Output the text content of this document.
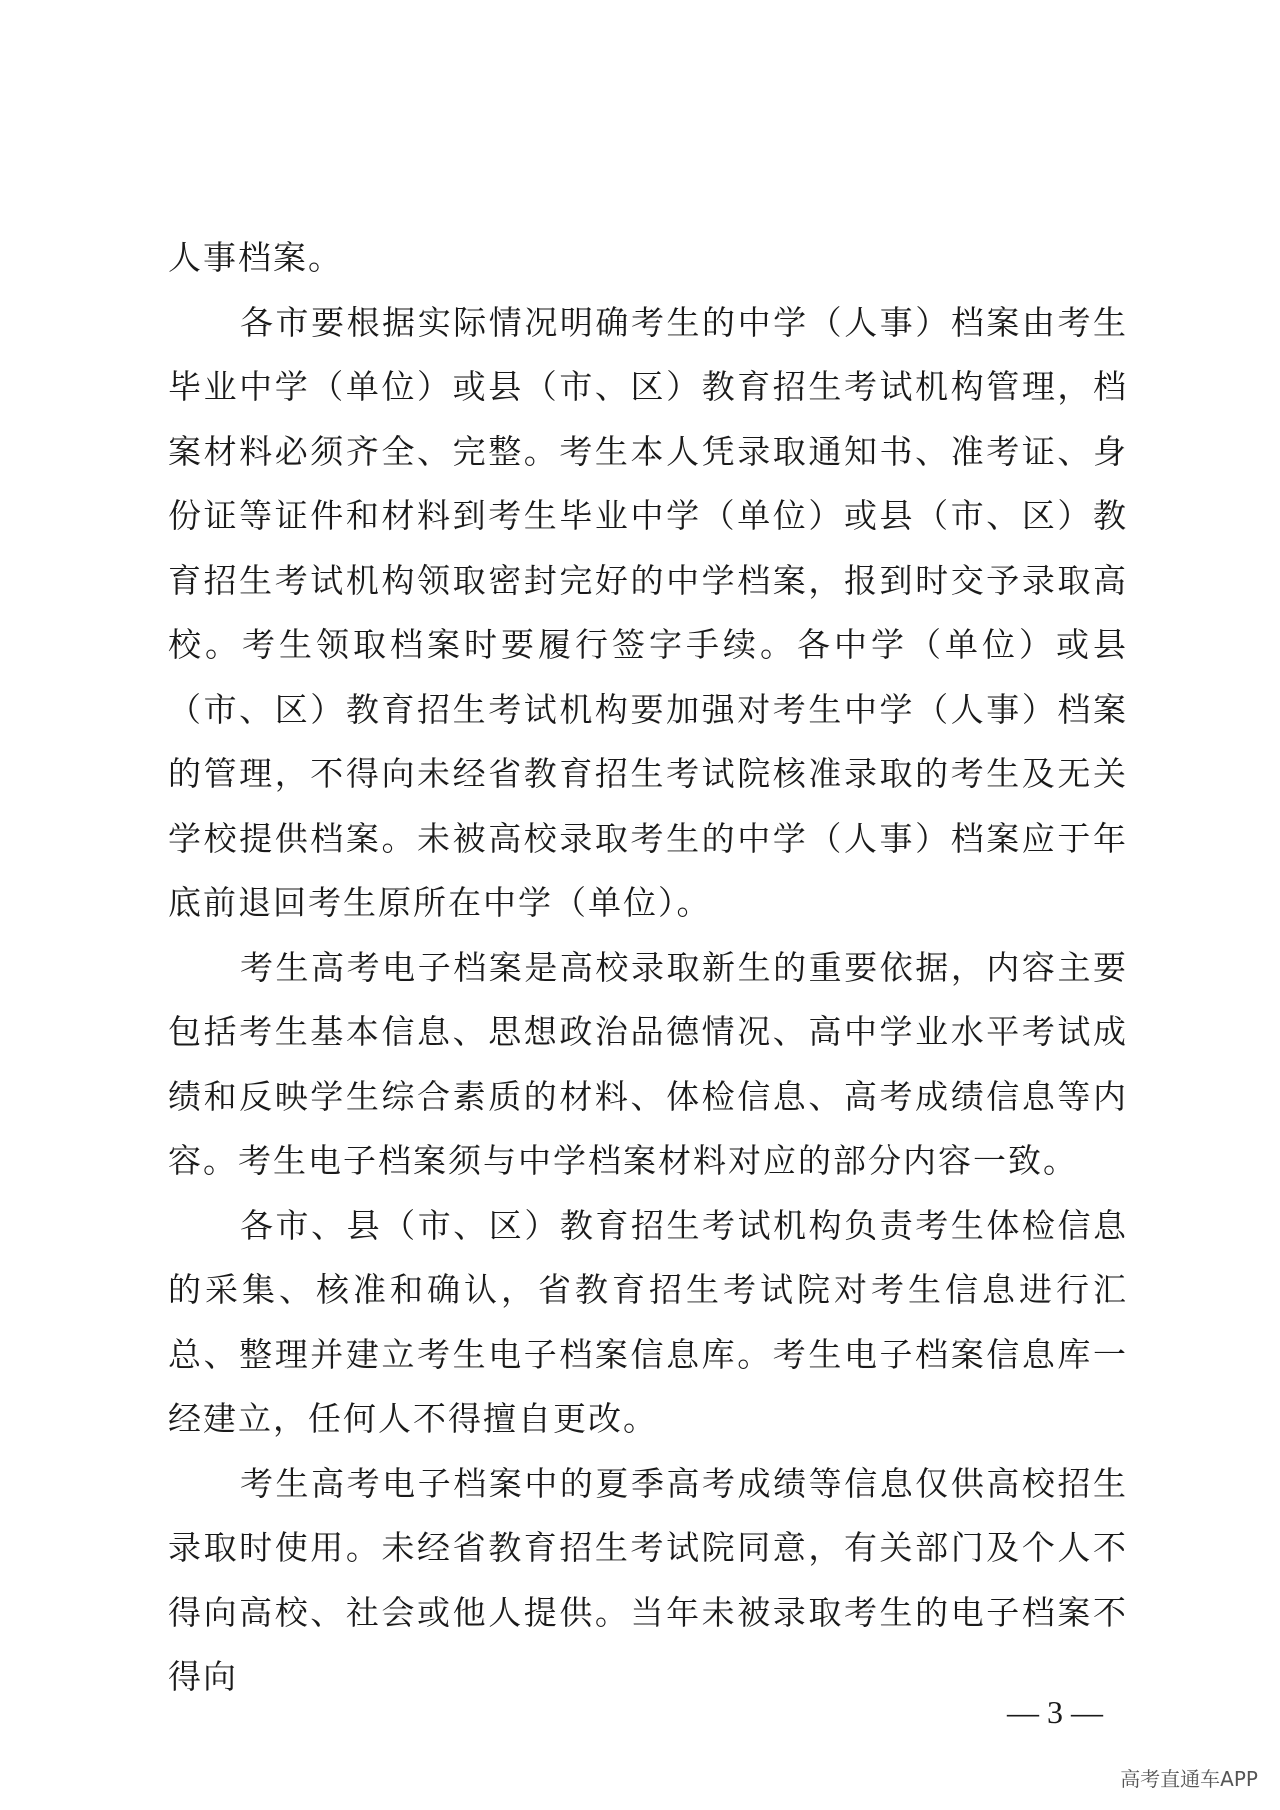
人事档案。

各市要根据实际情况明确考生的中学（人事）档案由考生毕业中学（单位）或县（市、区）教育招生考试机构管理，档案材料必须齐全、完整。考生本人凭录取通知书、准考证、身份证等证件和材料到考生毕业中学（单位）或县（市、区）教育招生考试机构领取密封完好的中学档案，报到时交予录取高校。考生领取档案时要履行签字手续。各中学（单位）或县（市、区）教育招生考试机构要加强对考生中学（人事）档案的管理，不得向未经省教育招生考试院核准录取的考生及无关学校提供档案。未被高校录取考生的中学（人事）档案应于年底前退回考生原所在中学（单位）。

考生高考电子档案是高校录取新生的重要依据，内容主要包括考生基本信息、思想政治品德情况、高中学业水平考试成绩和反映学生综合素质的材料、体检信息、高考成绩信息等内容。考生电子档案须与中学档案材料对应的部分内容一致。

各市、县（市、区）教育招生考试机构负责考生体检信息的采集、核准和确认，省教育招生考试院对考生信息进行汇总、整理并建立考生电子档案信息库。考生电子档案信息库一经建立，任何人不得擅自更改。

考生高考电子档案中的夏季高考成绩等信息仅供高校招生录取时使用。未经省教育招生考试院同意，有关部门及个人不得向高校、社会或他人提供。当年未被录取考生的电子档案不得向

— 3 —
高考直通车APP
